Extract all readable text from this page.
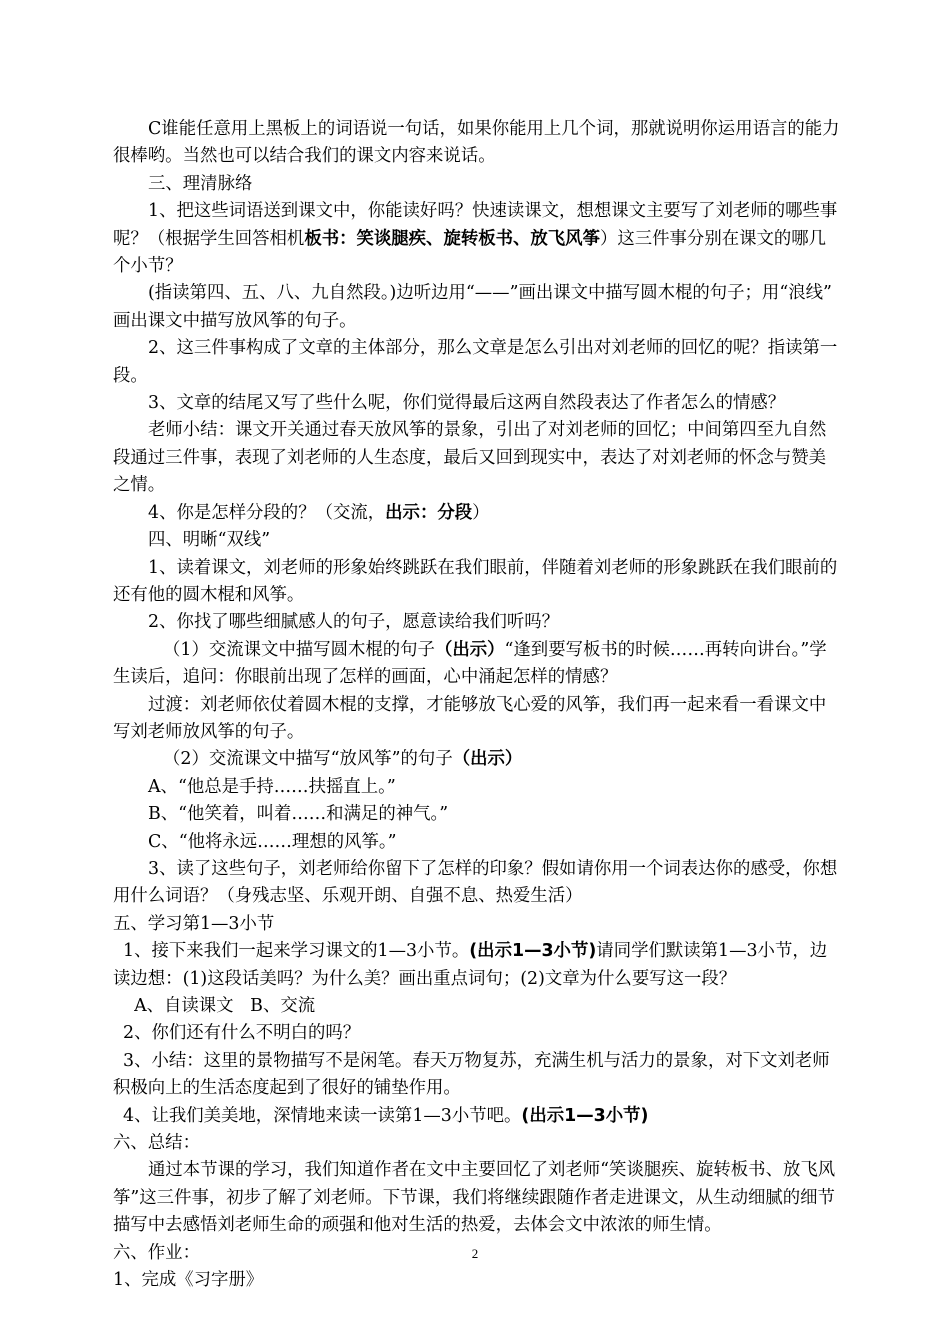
C谁能任意用上黑板上的词语说一句话，如果你能用上几个词，那就说明你运用语言的能力很棒哟。当然也可以结合我们的课文内容来说话。

三、理清脉络

1、把这些词语送到课文中，你能读好吗？快速读课文，想想课文主要写了刘老师的哪些事呢？（根据学生回答相机板书：笑谈腿疾、旋转板书、放飞风筝）这三件事分别在课文的哪几个小节？

(指读第四、五、八、九自然段。)边听边用“——”画出课文中描写圆木棍的句子；用“浪线”  画出课文中描写放风筝的句子。

2、这三件事构成了文章的主体部分，那么文章是怎么引出对刘老师的回忆的呢？指读第一段。

3、文章的结尾又写了些什么呢，你们觉得最后这两自然段表达了作者怎么的情感？

老师小结：课文开关通过春天放风筝的景象，引出了对刘老师的回忆；中间第四至九自然段通过三件事，表现了刘老师的人生态度，最后又回到现实中，表达了对刘老师的怀念与赞美之情。

4、你是怎样分段的？（交流，出示：分段）

四、明晰“双线”

1、读着课文，刘老师的形象始终跳跃在我们眼前，伴随着刘老师的形象跳跃在我们眼前的还有他的圆木棍和风筝。

2、你找了哪些细腻感人的句子，愿意读给我们听吗？

（1）交流课文中描写圆木棍的句子（出示）“逢到要写板书的时候……再转向讲台。”学生读后，追问：你眼前出现了怎样的画面，心中涌起怎样的情感？

过渡：刘老师依仗着圆木棍的支撑，才能够放飞心爱的风筝，我们再一起来看一看课文中写刘老师放风筝的句子。

（2）交流课文中描写“放风筝”的句子（出示）

A、“他总是手持……扶摇直上。”

B、“他笑着，叫着……和满足的神气。”

C、“他将永远……理想的风筝。”

3、读了这些句子，刘老师给你留下了怎样的印象？假如请你用一个词表达你的感受，你想用什么词语？（身残志坚、乐观开朗、自强不息、热爱生活）

五、学习第1—3小节

1、接下来我们一起来学习课文的1—3小节。(出示1—3小节)请同学们默读第1—3小节，边读边想：(1)这段话美吗？为什么美？画出重点词句；(2)文章为什么要写这一段？

A、自读课文   B、交流

2、你们还有什么不明白的吗？

3、小结：这里的景物描写不是闲笔。春天万物复苏，充满生机与活力的景象，对下文刘老师积极向上的生活态度起到了很好的铺垫作用。

4、让我们美美地，深情地来读一读第1—3小节吧。(出示1—3小节)

六、总结：

通过本节课的学习，我们知道作者在文中主要回忆了刘老师“笑谈腿疾、旋转板书、放飞风筝”这三件事，初步了解了刘老师。下节课，我们将继续跟随作者走进课文，从生动细腻的细节描写中去感悟刘老师生命的顽强和他对生活的热爱，去体会文中浓浓的师生情。

六、作业：

1、完成《习字册》

2
